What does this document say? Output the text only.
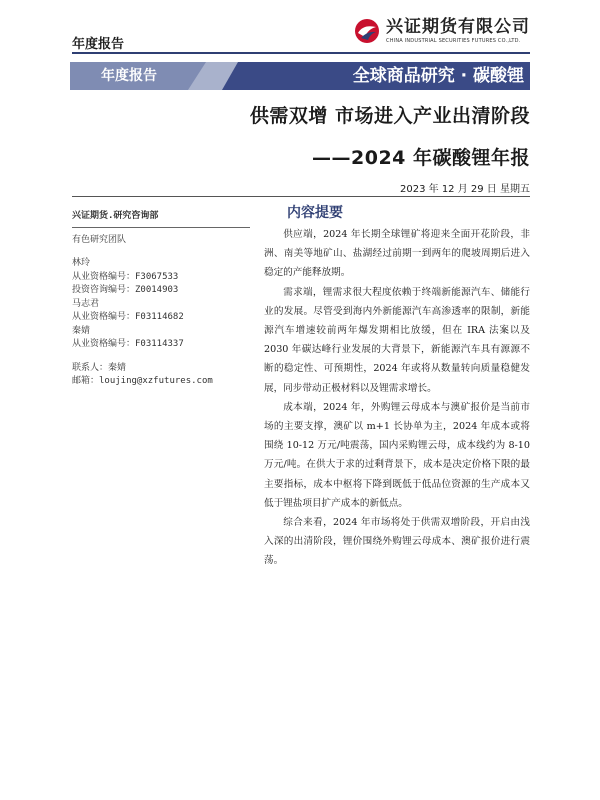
年度报告
兴证期货有限公司
CHINA INDUSTRIAL SECURITIES FUTURES CO.,LTD.
年度报告	全球商品研究 · 碳酸锂
供需双增 市场进入产业出清阶段
——2024 年碳酸锂年报
2023 年 12 月 29 日 星期五
兴证期货.研究咨询部
有色研究团队
林玲
从业资格编号：F3067533
投资咨询编号：Z0014903
马志君
从业资格编号：F03114682
秦婧
从业资格编号：F03114337
联系人：秦婧
邮箱：loujing@xzfutures.com
内容提要

供应端，2024 年长期全球锂矿将迎来全面开花阶段，非洲、南美等地矿山、盐湖经过前期一到两年的爬坡周期后进入稳定的产能释放期。

需求端，锂需求很大程度依赖于终端新能源汽车、储能行业的发展。尽管受到海内外新能源汽车高渗透率的限制，新能源汽车增速较前两年爆发期相比放缓，但在 IRA 法案以及 2030 年碳达峰行业发展的大背景下，新能源汽车具有源源不断的稳定性、可预期性，2024 年或将从数量转向质量稳健发展，同步带动正极材料以及锂需求增长。

成本端，2024 年，外购锂云母成本与澳矿报价是当前市场的主要支撑，澳矿以 m+1 长协单为主，2024 年成本或将围绕 10-12 万元/吨震荡，国内采购锂云母，成本线约为 8-10 万元/吨。在供大于求的过剩背景下，成本是决定价格下限的最主要指标，成本中枢将下降到既低于低品位资源的生产成本又低于锂盐项目扩产成本的新低点。

综合来看，2024 年市场将处于供需双增阶段，开启由浅入深的出清阶段，锂价围绕外购锂云母成本、澳矿报价进行震荡。
